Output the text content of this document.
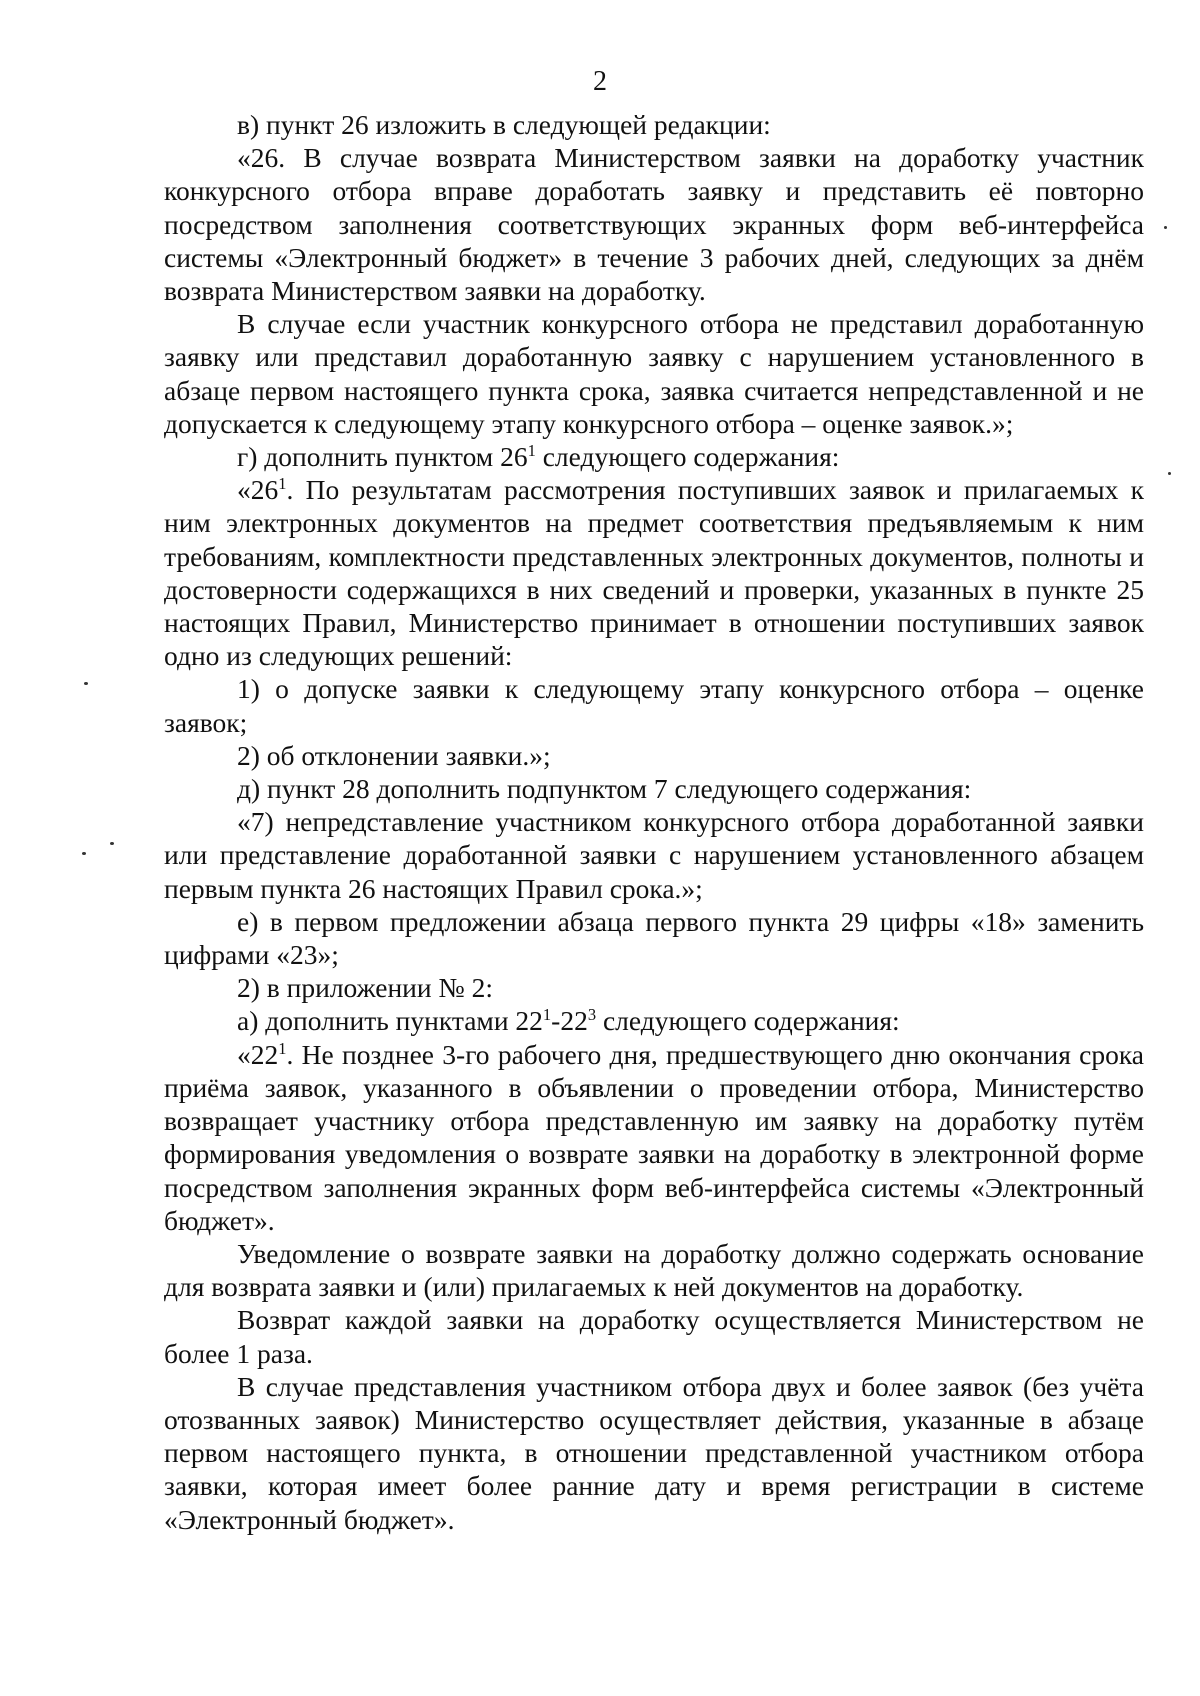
2

в) пункт 26 изложить в следующей редакции:

«26. В случае возврата Министерством заявки на доработку участник конкурсного отбора вправе доработать заявку и представить её повторно посредством заполнения соответствующих экранных форм веб-интерфейса системы «Электронный бюджет» в течение 3 рабочих дней, следующих за днём возврата Министерством заявки на доработку.

В случае если участник конкурсного отбора не представил доработанную заявку или представил доработанную заявку с нарушением установленного в абзаце первом настоящего пункта срока, заявка считается непредставленной и не допускается к следующему этапу конкурсного отбора – оценке заявок.»;

г) дополнить пунктом $26^1$ следующего содержания:

«$26^1$. По результатам рассмотрения поступивших заявок и прилагаемых к ним электронных документов на предмет соответствия предъявляемым к ним требованиям, комплектности представленных электронных документов, полноты и достоверности содержащихся в них сведений и проверки, указанных в пункте 25 настоящих Правил, Министерство принимает в отношении поступивших заявок одно из следующих решений:

1) о допуске заявки к следующему этапу конкурсного отбора – оценке заявок;

2) об отклонении заявки.»;

д) пункт 28 дополнить подпунктом 7 следующего содержания:

«7) непредставление участником конкурсного отбора доработанной заявки или представление доработанной заявки с нарушением установленного абзацем первым пункта 26 настоящих Правил срока.»;

е) в первом предложении абзаца первого пункта 29 цифры «18» заменить цифрами «23»;

2) в приложении № 2:

а) дополнить пунктами $22^1-22^3$ следующего содержания:

«$22^1$. Не позднее 3-го рабочего дня, предшествующего дню окончания срока приёма заявок, указанного в объявлении о проведении отбора, Министерство возвращает участнику отбора представленную им заявку на доработку путём формирования уведомления о возврате заявки на доработку в электронной форме посредством заполнения экранных форм веб-интерфейса системы «Электронный бюджет».

Уведомление о возврате заявки на доработку должно содержать основание для возврата заявки и (или) прилагаемых к ней документов на доработку.

Возврат каждой заявки на доработку осуществляется Министерством не более 1 раза.

В случае представления участником отбора двух и более заявок (без учёта отозванных заявок) Министерство осуществляет действия, указанные в абзаце первом настоящего пункта, в отношении представленной участником отбора заявки, которая имеет более ранние дату и время регистрации в системе «Электронный бюджет».
